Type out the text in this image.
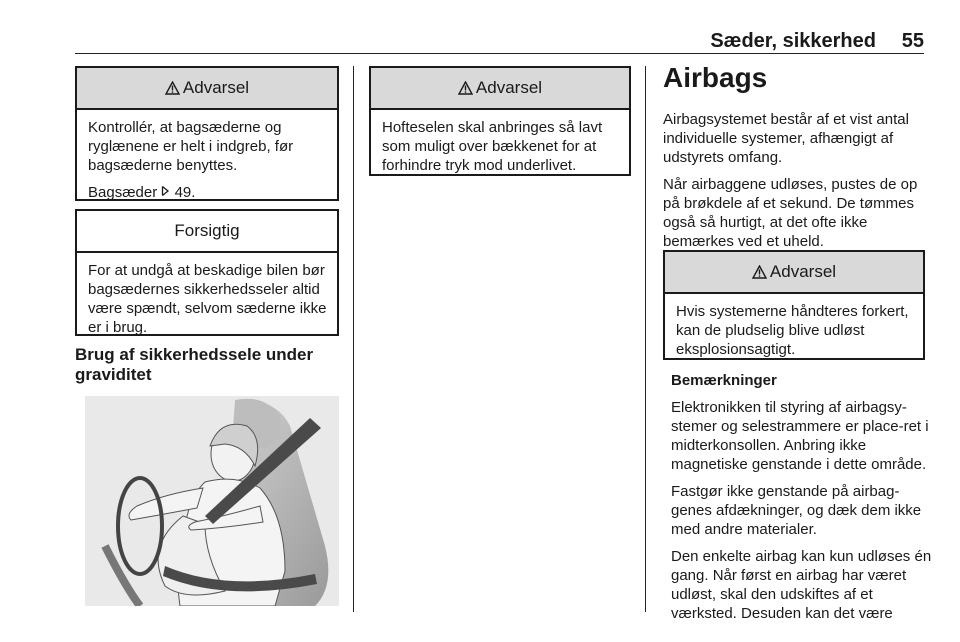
Sæder, sikkerhed 55
Advarsel

Kontrollér, at bagsæderne og ryglænene er helt i indgreb, før bagsæderne benyttes.

Bagsæder 49.

Forsigtig

For at undgå at beskadige bilen bør bagsædernes sikkerhedsseler altid være spændt, selvom sæderne ikke er i brug.

Brug af sikkerhedssele under graviditet
Advarsel

Hofteselen skal anbringes så lavt som muligt over bækkenet for at forhindre tryk mod underlivet.

Airbags

Airbagsystemet består af et vist antal individuelle systemer, afhængigt af udstyrets omfang.

Når airbaggene udløses, pustes de op på brøkdele af et sekund. De tømmes også så hurtigt, at det ofte ikke bemærkes ved et uheld.

Advarsel

Hvis systemerne håndteres forkert, kan de pludselig blive udløst eksplosionsagtigt.

Bemærkninger

Elektronikken til styring af airbagsy-stemer og selestrammere er place-ret i midterkonsollen. Anbring ikke magnetiske genstande i dette område.

Fastgør ikke genstande på airbag-genes afdækninger, og dæk dem ikke med andre materialer.

Den enkelte airbag kan kun udløses én gang. Når først en airbag har været udløst, skal den udskiftes af et værksted. Desuden kan det være
